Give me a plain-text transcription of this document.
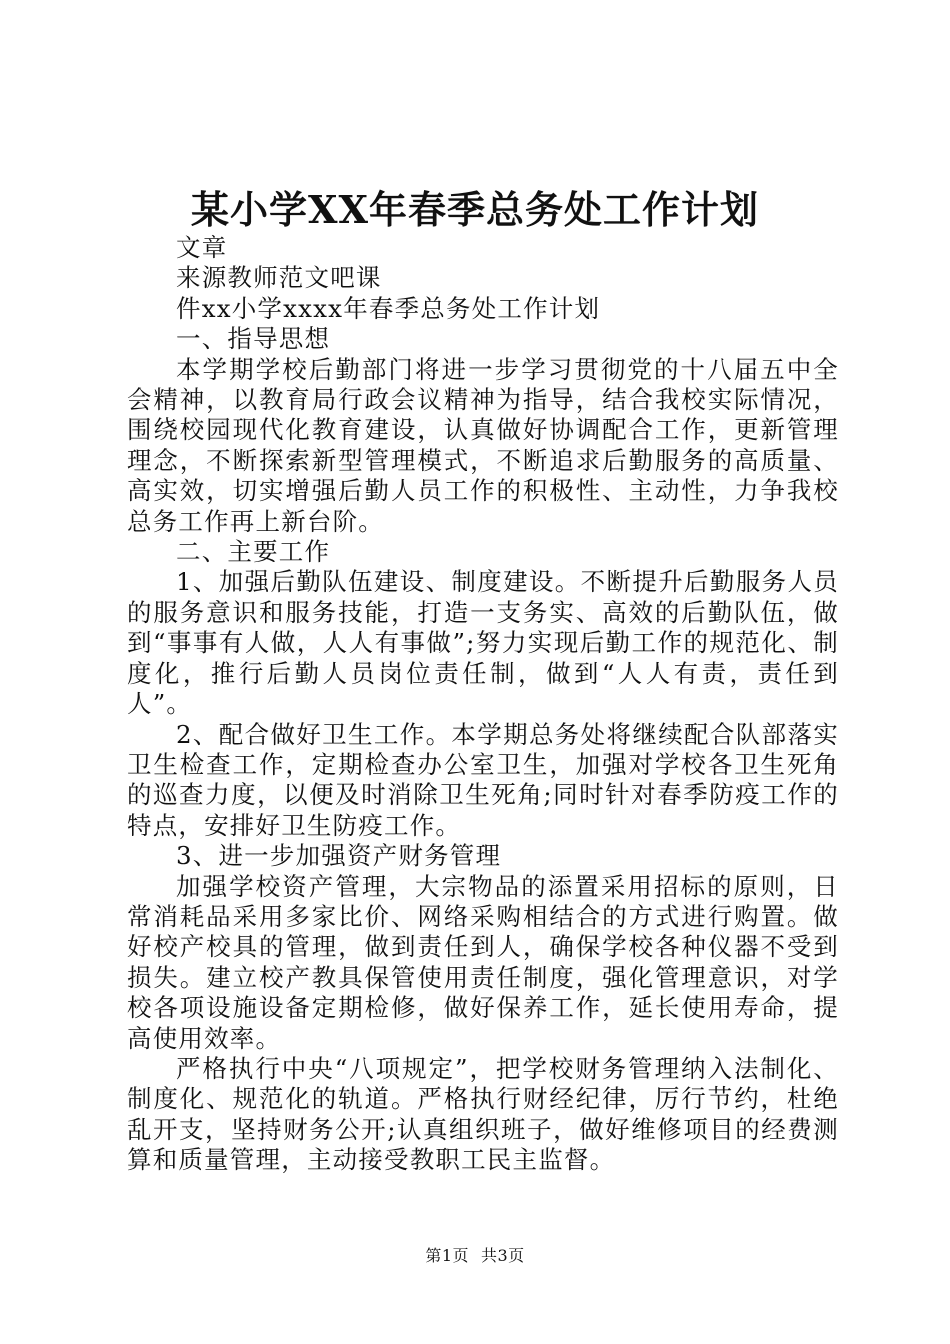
某小学XX年春季总务处工作计划

文章

来源教师范文吧课

件xx小学xxxx年春季总务处工作计划

一、指导思想

本学期学校后勤部门将进一步学习贯彻党的十八届五中全会精神，以教育局行政会议精神为指导，结合我校实际情况，围绕校园现代化教育建设，认真做好协调配合工作，更新管理理念，不断探索新型管理模式，不断追求后勤服务的高质量、高实效，切实增强后勤人员工作的积极性、主动性，力争我校总务工作再上新台阶。

二、主要工作

1、加强后勤队伍建设、制度建设。不断提升后勤服务人员的服务意识和服务技能，打造一支务实、高效的后勤队伍，做到“事事有人做，人人有事做”;努力实现后勤工作的规范化、制度化，推行后勤人员岗位责任制，做到“人人有责，责任到人”。

2、配合做好卫生工作。本学期总务处将继续配合队部落实卫生检查工作，定期检查办公室卫生，加强对学校各卫生死角的巡查力度，以便及时消除卫生死角;同时针对春季防疫工作的特点，安排好卫生防疫工作。

3、进一步加强资产财务管理

加强学校资产管理，大宗物品的添置采用招标的原则，日常消耗品采用多家比价、网络采购相结合的方式进行购置。做好校产校具的管理，做到责任到人，确保学校各种仪器不受到损失。建立校产教具保管使用责任制度，强化管理意识，对学校各项设施设备定期检修，做好保养工作，延长使用寿命，提高使用效率。

严格执行中央“八项规定”，把学校财务管理纳入法制化、制度化、规范化的轨道。严格执行财经纪律，厉行节约，杜绝乱开支，坚持财务公开;认真组织班子，做好维修项目的经费测算和质量管理，主动接受教职工民主监督。

第1页 共3页
